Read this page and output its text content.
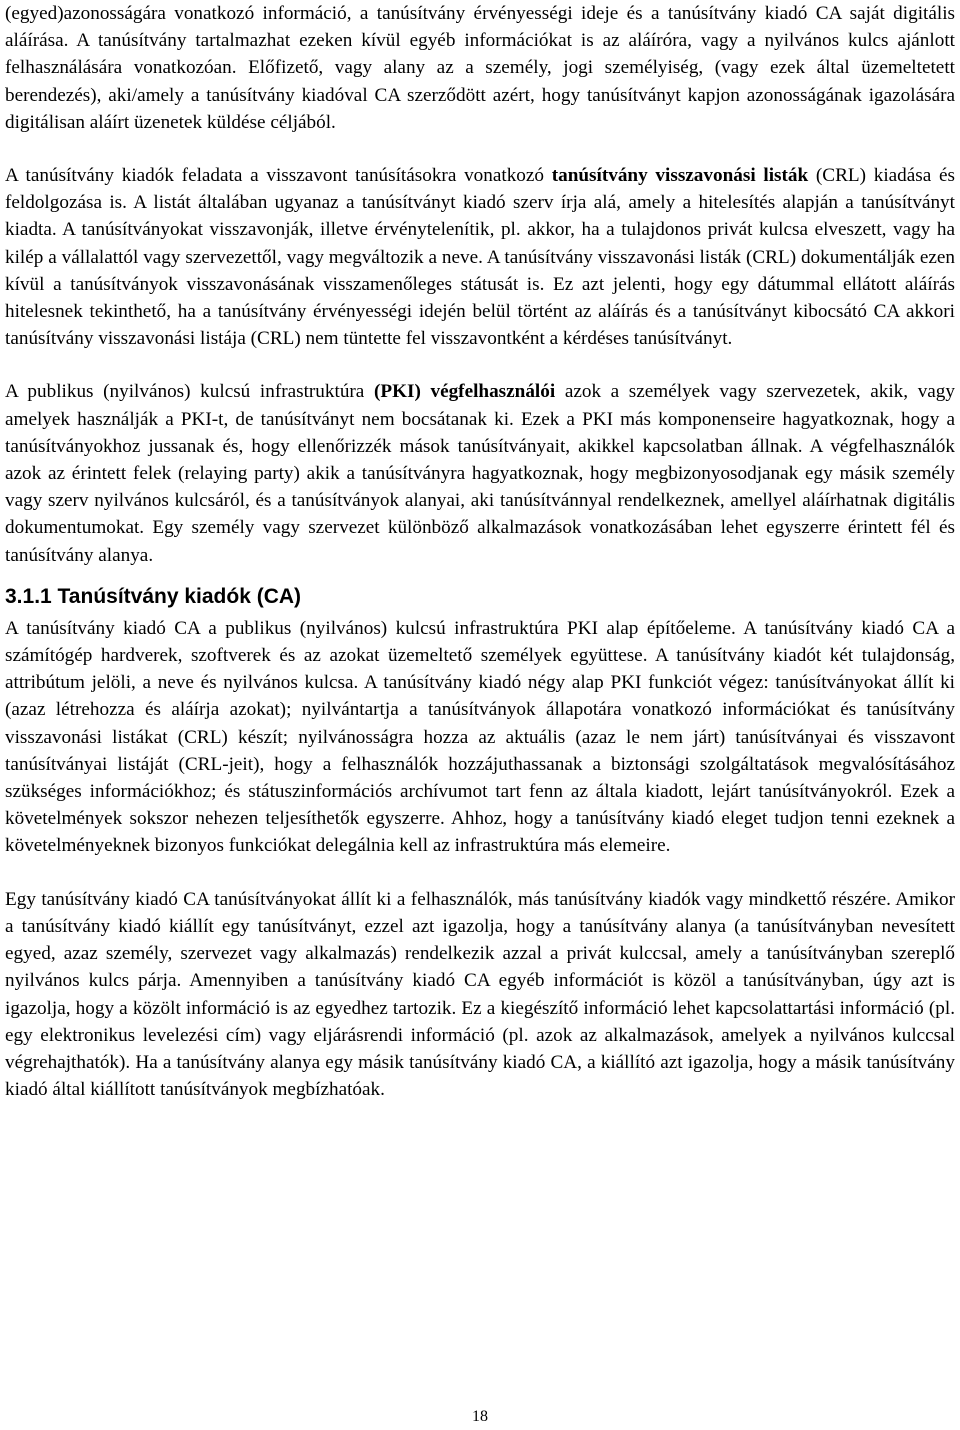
(egyed)azonosságára vonatkozó információ, a tanúsítvány érvényességi ideje és a tanúsítvány kiadó CA saját digitális aláírása. A tanúsítvány tartalmazhat ezeken kívül egyéb információkat is az aláíróra, vagy a nyilvános kulcs ajánlott felhasználására vonatkozóan. Előfizető, vagy alany az a személy, jogi személyiség, (vagy ezek által üzemeltetett berendezés), aki/amely a tanúsítvány kiadóval CA szerződött azért, hogy tanúsítványt kapjon azonosságának igazolására digitálisan aláírt üzenetek küldése céljából.

A tanúsítvány kiadók feladata a visszavont tanúsításokra vonatkozó tanúsítvány visszavonási listák (CRL) kiadása és feldolgozása is. A listát általában ugyanaz a tanúsítványt kiadó szerv írja alá, amely a hitelesítés alapján a tanúsítványt kiadta. A tanúsítványokat visszavonják, illetve érvénytelenítik, pl. akkor, ha a tulajdonos privát kulcsa elveszett, vagy ha kilép a vállalattól vagy szervezettől, vagy megváltozik a neve. A tanúsítvány visszavonási listák (CRL) dokumentálják ezen kívül a tanúsítványok visszavonásának visszamenőleges státusát is. Ez azt jelenti, hogy egy dátummal ellátott aláírás hitelesnek tekinthető, ha a tanúsítvány érvényességi idején belül történt az aláírás és a tanúsítványt kibocsátó CA akkori tanúsítvány visszavonási listája (CRL) nem tüntette fel visszavontként a kérdéses tanúsítványt.

A publikus (nyilvános) kulcsú infrastruktúra (PKI) végfelhasználói azok a személyek vagy szervezetek, akik, vagy amelyek használják a PKI-t, de tanúsítványt nem bocsátanak ki. Ezek a PKI más komponenseire hagyatkoznak, hogy a tanúsítványokhoz jussanak és, hogy ellenőrizzék mások tanúsítványait, akikkel kapcsolatban állnak. A végfelhasználók azok az érintett felek (relaying party) akik a tanúsítványra hagyatkoznak, hogy megbizonyosodjanak egy másik személy vagy szerv nyilvános kulcsáról, és a tanúsítványok alanyai, aki tanúsítvánnyal rendelkeznek, amellyel aláírhatnak digitális dokumentumokat. Egy személy vagy szervezet különböző alkalmazások vonatkozásában lehet egyszerre érintett fél és tanúsítvány alanya.

3.1.1 Tanúsítvány kiadók (CA)

A tanúsítvány kiadó CA a publikus (nyilvános) kulcsú infrastruktúra PKI alap építőeleme. A tanúsítvány kiadó CA a számítógép hardverek, szoftverek és az azokat üzemeltető személyek együttese. A tanúsítvány kiadót két tulajdonság, attribútum jelöli, a neve és nyilvános kulcsa. A tanúsítvány kiadó négy alap PKI funkciót végez: tanúsítványokat állít ki (azaz létrehozza és aláírja azokat); nyilvántartja a tanúsítványok állapotára vonatkozó információkat és tanúsítvány visszavonási listákat (CRL) készít; nyilvánosságra hozza az aktuális (azaz le nem járt) tanúsítványai és visszavont tanúsítványai listáját (CRL-jeit), hogy a felhasználók hozzájuthassanak a biztonsági szolgáltatások megvalósításához szükséges információkhoz; és státuszinformációs archívumot tart fenn az általa kiadott, lejárt tanúsítványokról. Ezek a követelmények sokszor nehezen teljesíthetők egyszerre. Ahhoz, hogy a tanúsítvány kiadó eleget tudjon tenni ezeknek a követelményeknek bizonyos funkciókat delegálnia kell az infrastruktúra más elemeire.

Egy tanúsítvány kiadó CA tanúsítványokat állít ki a felhasználók, más tanúsítvány kiadók vagy mindkettő részére. Amikor a tanúsítvány kiadó kiállít egy tanúsítványt, ezzel azt igazolja, hogy a tanúsítvány alanya (a tanúsítványban nevesített egyed, azaz személy, szervezet vagy alkalmazás) rendelkezik azzal a privát kulccsal, amely a tanúsítványban szereplő nyilvános kulcs párja. Amennyiben a tanúsítvány kiadó CA egyéb információt is közöl a tanúsítványban, úgy azt is igazolja, hogy a közölt információ is az egyedhez tartozik. Ez a kiegészítő információ lehet kapcsolattartási információ (pl. egy elektronikus levelezési cím) vagy eljárásrendi információ (pl. azok az alkalmazások, amelyek a nyilvános kulccsal végrehajthatók). Ha a tanúsítvány alanya egy másik tanúsítvány kiadó CA, a kiállító azt igazolja, hogy a másik tanúsítvány kiadó által kiállított tanúsítványok megbízhatóak.

18
